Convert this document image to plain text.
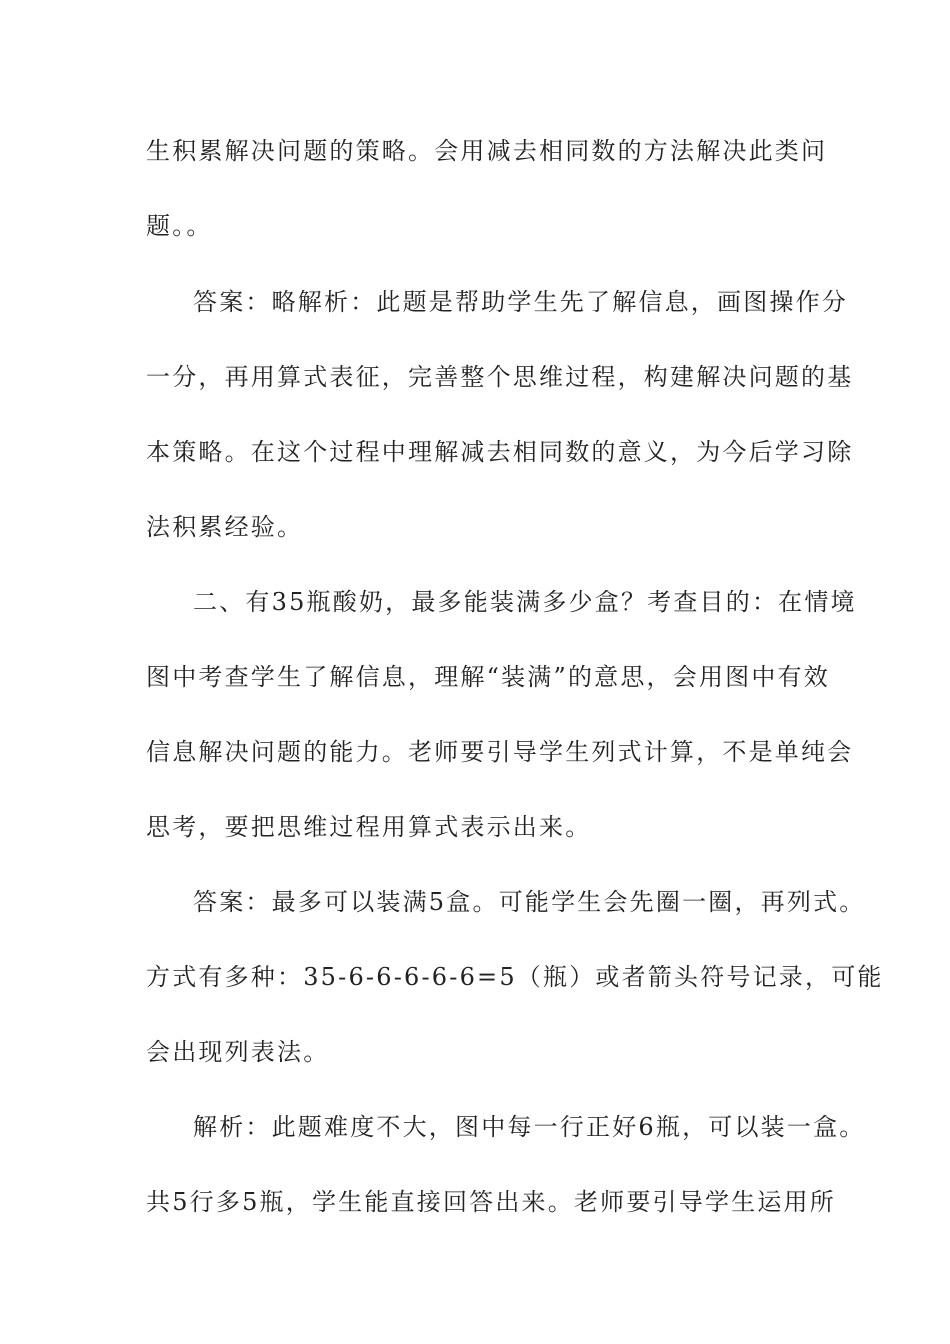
生积累解决问题的策略。会用减去相同数的方法解决此类问
题。。
答案：略解析：此题是帮助学生先了解信息，画图操作分
一分，再用算式表征，完善整个思维过程，构建解决问题的基
本策略。在这个过程中理解减去相同数的意义，为今后学习除
法积累经验。
二、有35瓶酸奶，最多能装满多少盒？考查目的：在情境
图中考查学生了解信息，理解“装满”的意思，会用图中有效
信息解决问题的能力。老师要引导学生列式计算，不是单纯会
思考，要把思维过程用算式表示出来。
答案：最多可以装满5盒。可能学生会先圈一圈，再列式。
方式有多种：35-6-6-6-6-6=5（瓶）或者箭头符号记录，可能
会出现列表法。
解析：此题难度不大，图中每一行正好6瓶，可以装一盒。
共5行多5瓶，学生能直接回答出来。老师要引导学生运用所
